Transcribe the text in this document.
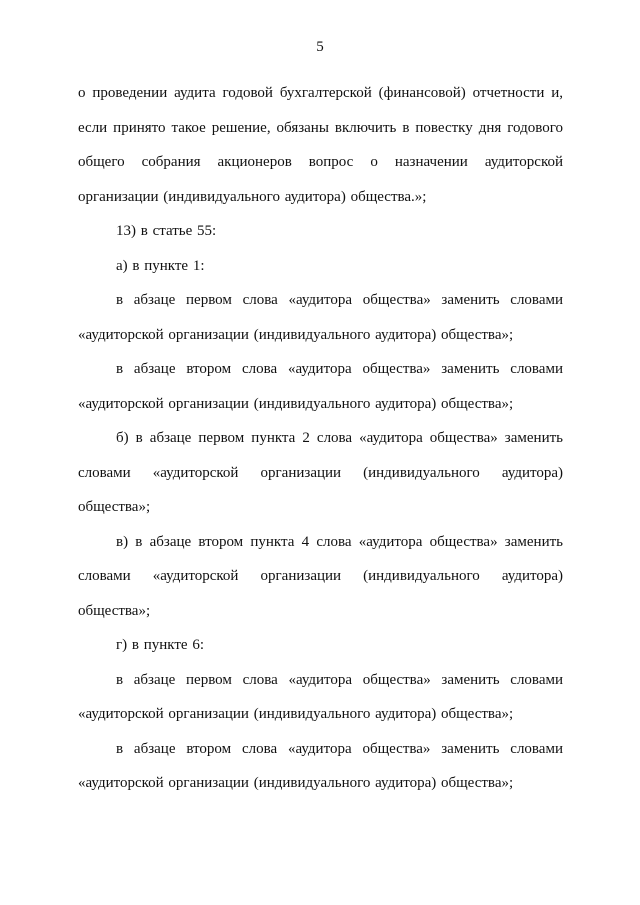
5

о проведении аудита годовой бухгалтерской (финансовой) отчетности и, если принято такое решение, обязаны включить в повестку дня годового общего собрания акционеров вопрос о назначении аудиторской организации (индивидуального аудитора) общества.»;

13) в статье 55:

а) в пункте 1:

в абзаце первом слова «аудитора общества» заменить словами «аудиторской организации (индивидуального аудитора) общества»;

в абзаце втором слова «аудитора общества» заменить словами «аудиторской организации (индивидуального аудитора) общества»;

б) в абзаце первом пункта 2 слова «аудитора общества» заменить словами «аудиторской организации (индивидуального аудитора) общества»;

в) в абзаце втором пункта 4 слова «аудитора общества» заменить словами «аудиторской организации (индивидуального аудитора) общества»;

г) в пункте 6:

в абзаце первом слова «аудитора общества» заменить словами «аудиторской организации (индивидуального аудитора) общества»;

в абзаце втором слова «аудитора общества» заменить словами «аудиторской организации (индивидуального аудитора) общества»;
